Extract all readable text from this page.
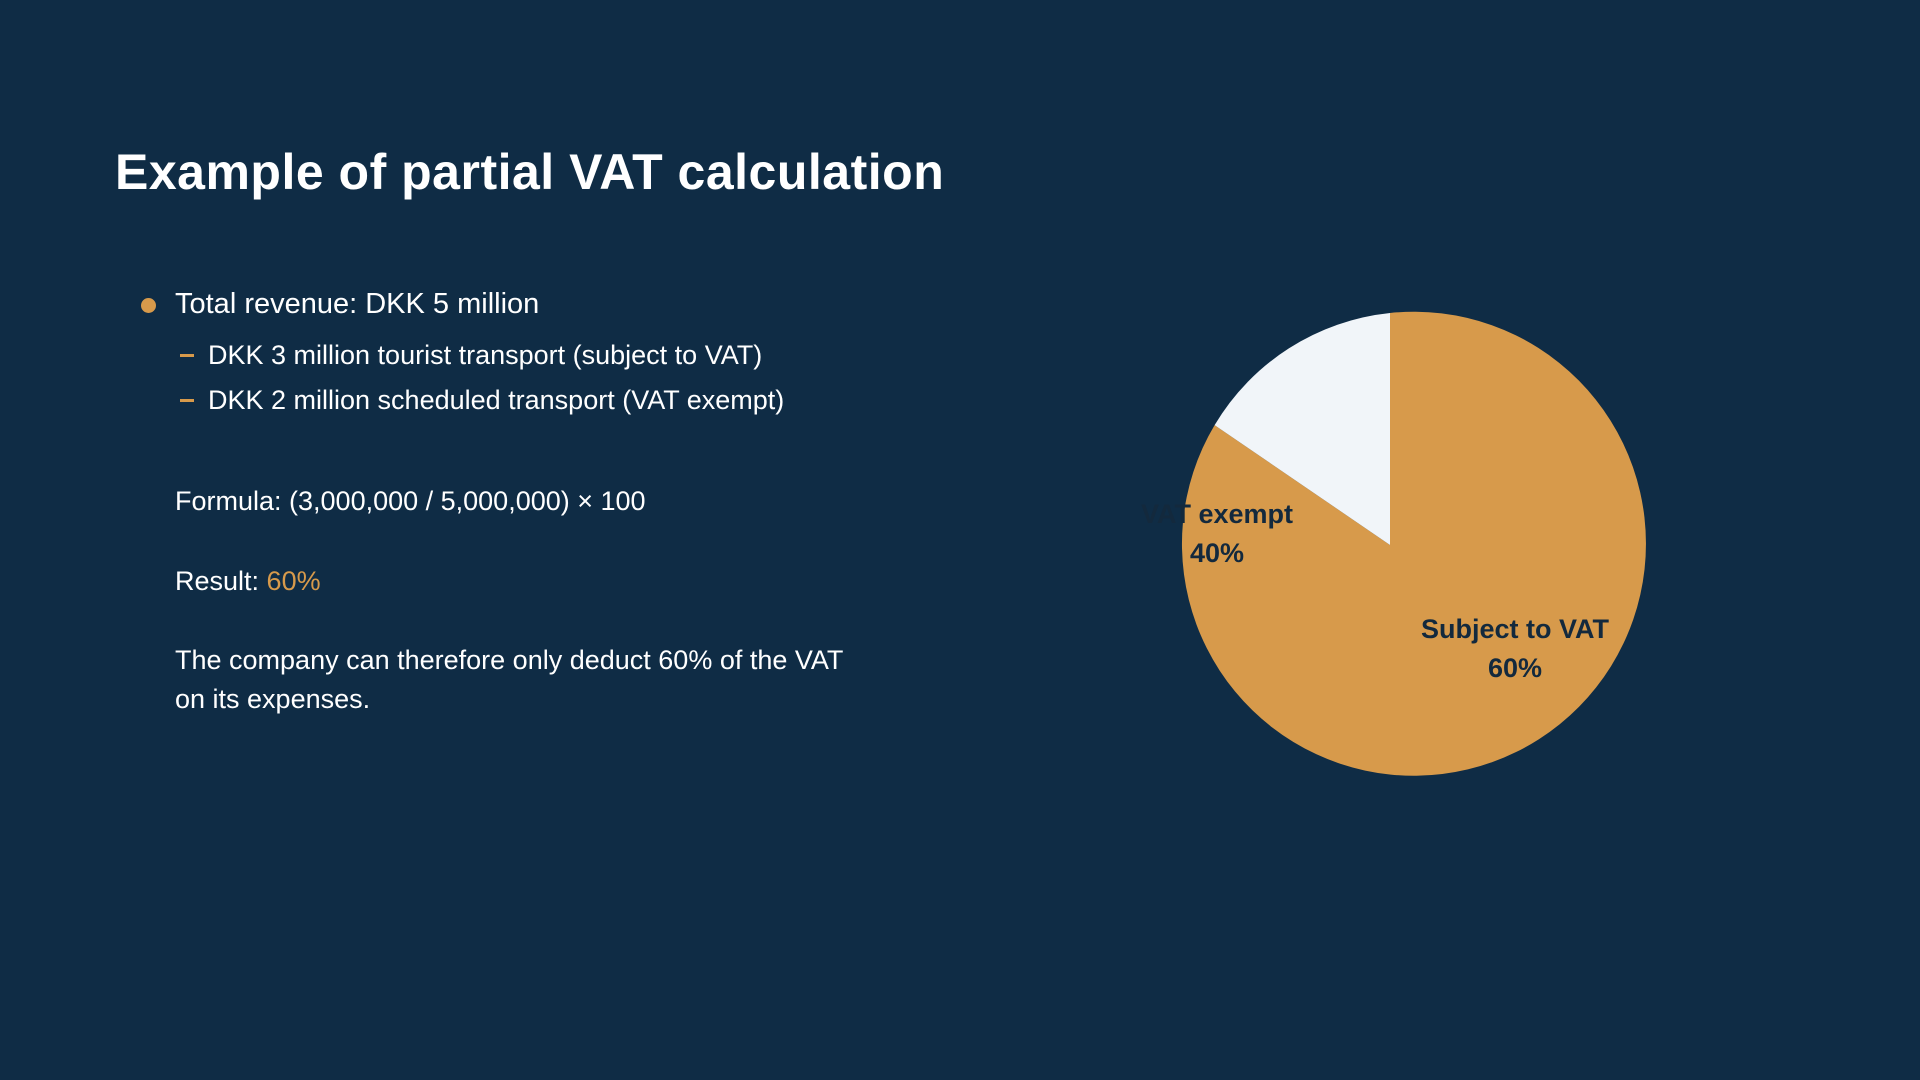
Example of partial VAT calculation
Total revenue: DKK 5 million
DKK 3 million tourist transport (subject to VAT)
DKK 2 million scheduled transport (VAT exempt)
Formula: (3,000,000 / 5,000,000) × 100
Result: 60%
The company can therefore only deduct 60% of the VAT on its expenses.
VAT exempt
40%
Subject to VAT
60%
